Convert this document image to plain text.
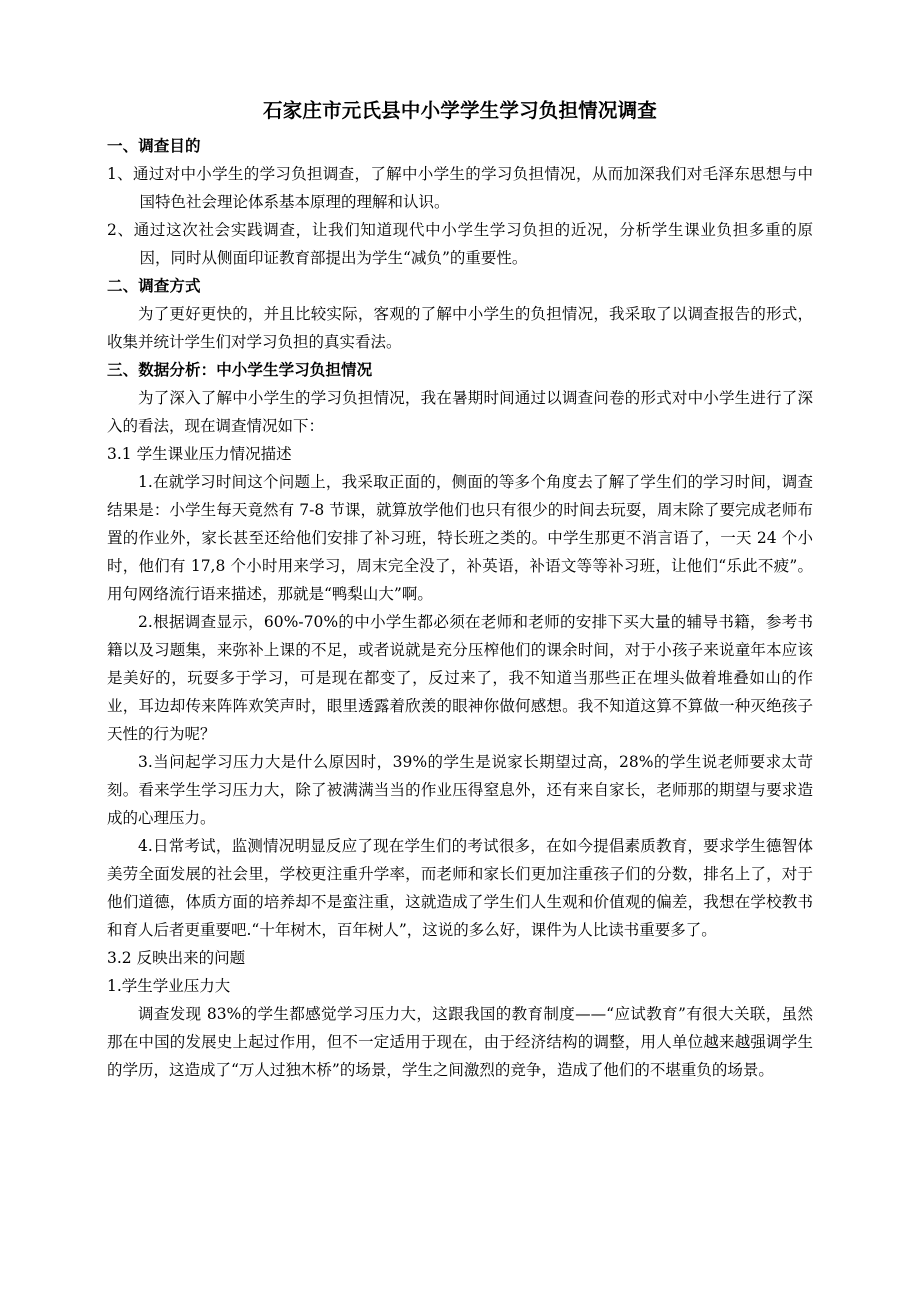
石家庄市元氏县中小学学生学习负担情况调查
一、调查目的

1、通过对中小学生的学习负担调查，了解中小学生的学习负担情况，从而加深我们对毛泽东思想与中国特色社会理论体系基本原理的理解和认识。

2、通过这次社会实践调查，让我们知道现代中小学生学习负担的近况，分析学生课业负担多重的原因，同时从侧面印证教育部提出为学生“减负”的重要性。

二、调查方式

为了更好更快的，并且比较实际，客观的了解中小学生的负担情况，我采取了以调查报告的形式，收集并统计学生们对学习负担的真实看法。

三、数据分析：中小学生学习负担情况

为了深入了解中小学生的学习负担情况，我在暑期时间通过以调查问卷的形式对中小学生进行了深入的看法，现在调查情况如下：

3.1 学生课业压力情况描述

1.在就学习时间这个问题上，我采取正面的，侧面的等多个角度去了解了学生们的学习时间，调查结果是：小学生每天竟然有 7-8 节课，就算放学他们也只有很少的时间去玩耍，周末除了要完成老师布置的作业外，家长甚至还给他们安排了补习班，特长班之类的。中学生那更不消言语了，一天 24 个小时，他们有 17,8 个小时用来学习，周末完全没了，补英语，补语文等等补习班，让他们“乐此不疲”。用句网络流行语来描述，那就是“鸭梨山大”啊。

2.根据调查显示，60%-70%的中小学生都必须在老师和老师的安排下买大量的辅导书籍，参考书籍以及习题集，来弥补上课的不足，或者说就是充分压榨他们的课余时间，对于小孩子来说童年本应该是美好的，玩耍多于学习，可是现在都变了，反过来了，我不知道当那些正在埋头做着堆叠如山的作业，耳边却传来阵阵欢笑声时，眼里透露着欣羡的眼神你做何感想。我不知道这算不算做一种灭绝孩子天性的行为呢？

3.当问起学习压力大是什么原因时，39%的学生是说家长期望过高，28%的学生说老师要求太苛刻。看来学生学习压力大，除了被满满当当的作业压得窒息外，还有来自家长，老师那的期望与要求造成的心理压力。

4.日常考试，监测情况明显反应了现在学生们的考试很多，在如今提倡素质教育，要求学生德智体美劳全面发展的社会里，学校更注重升学率，而老师和家长们更加注重孩子们的分数，排名上了，对于他们道德，体质方面的培养却不是蛮注重，这就造成了学生们人生观和价值观的偏差，我想在学校教书和育人后者更重要吧.“十年树木，百年树人”，这说的多么好，课件为人比读书重要多了。

3.2 反映出来的问题
1.学生学业压力大

调查发现 83%的学生都感觉学习压力大，这跟我国的教育制度——“应试教育”有很大关联，虽然那在中国的发展史上起过作用，但不一定适用于现在，由于经济结构的调整，用人单位越来越强调学生的学历，这造成了“万人过独木桥”的场景，学生之间激烈的竞争，造成了他们的不堪重负的场景。
